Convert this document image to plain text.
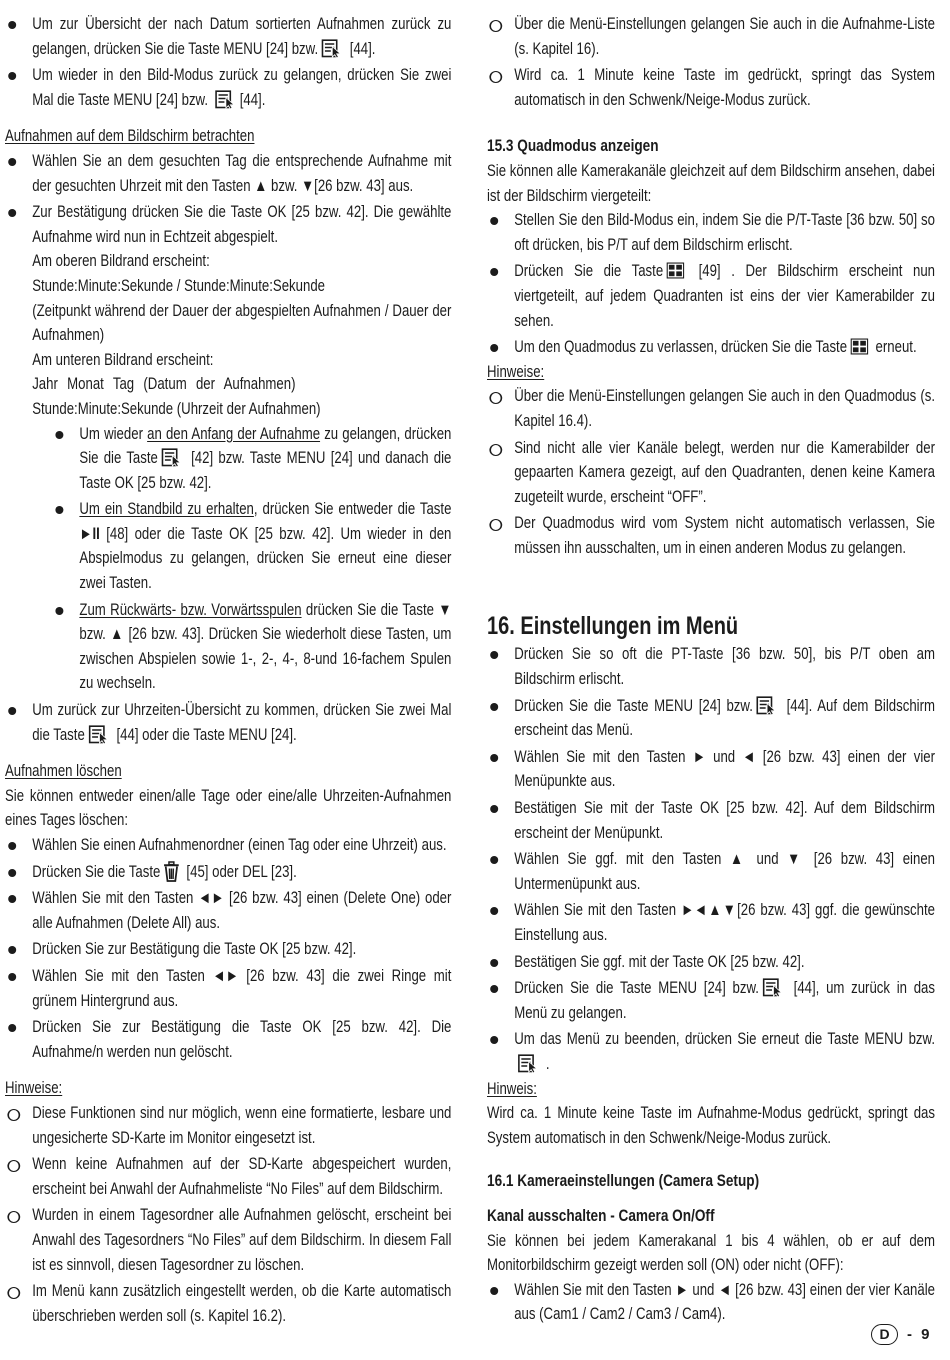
Um zur Übersicht der nach Datum sortierten Aufnahmen zurück zu gelangen, drücken Sie die Taste MENU [24] bzw. [44].
Um wieder in den Bild-Modus zurück zu gelangen, drücken Sie zwei Mal die Taste MENU [24] bzw. [44].

Aufnahmen auf dem Bildschirm betrachten

Wählen Sie an dem gesuchten Tag die entsprechende Aufnahme mit der gesuchten Uhrzeit mit den Tasten ▲ bzw. ▼[26 bzw. 43] aus.
Zur Bestätigung drücken Sie die Taste OK [25 bzw. 42]. Die gewählte Aufnahme wird nun in Echtzeit abgespielt.
Am oberen Bildrand erscheint:
Stunde:Minute:Sekunde / Stunde:Minute:Sekunde
(Zeitpunkt während der Dauer der abgespielten Aufnahmen / Dauer der Aufnahmen)
Am unteren Bildrand erscheint:
Jahr Monat Tag (Datum der Aufnahmen)
Stunde:Minute:Sekunde (Uhrzeit der Aufnahmen)
Um wieder an den Anfang der Aufnahme zu gelangen, drücken Sie die Taste [42] bzw. Taste MENU [24] und danach die Taste OK [25 bzw. 42].
Um ein Standbild zu erhalten, drücken Sie entweder die Taste ►II [48] oder die Taste OK [25 bzw. 42]. Um wieder in den Abspielmodus zu gelangen, drücken Sie erneut eine dieser zwei Tasten.
Zum Rückwärts- bzw. Vorwärtsspulen drücken Sie die Taste ▼ bzw. ▲ [26 bzw. 43]. Drücken Sie wiederholt diese Tasten, um zwischen Abspielen sowie 1-, 2-, 4-, 8-und 16-fachem Spulen zu wechseln.
Um zurück zur Uhrzeiten-Übersicht zu kommen, drücken Sie zwei Mal die Taste [44] oder die Taste MENU [24].

Aufnahmen löschen

Sie können entweder einen/alle Tage oder eine/alle Uhrzeiten-Aufnahmen eines Tages löschen:

Wählen Sie einen Aufnahmenordner (einen Tag oder eine Uhrzeit) aus.
Drücken Sie die Taste [45] oder DEL [23].
Wählen Sie mit den Tasten ◄► [26 bzw. 43] einen (Delete One) oder alle Aufnahmen (Delete All) aus.
Drücken Sie zur Bestätigung die Taste OK [25 bzw. 42].
Wählen Sie mit den Tasten ◄► [26 bzw. 43] die zwei Ringe mit grünem Hintergrund aus.
Drücken Sie zur Bestätigung die Taste OK [25 bzw. 42]. Die Aufnahme/n werden nun gelöscht.

Hinweise:

Diese Funktionen sind nur möglich, wenn eine formatierte, lesbare und ungesicherte SD-Karte im Monitor eingesetzt ist.
Wenn keine Aufnahmen auf der SD-Karte abgespeichert wurden, erscheint bei Anwahl der Aufnahmeliste “No Files” auf dem Bildschirm.
Wurden in einem Tagesordner alle Aufnahmen gelöscht, erscheint bei Anwahl des Tagesordners “No Files” auf dem Bildschirm. In diesem Fall ist es sinnvoll, diesen Tagesordner zu löschen.
Im Menü kann zusätzlich eingestellt werden, ob die Karte automatisch überschrieben werden soll (s. Kapitel 16.2).
Über die Menü-Einstellungen gelangen Sie auch in die Aufnahme-Liste (s. Kapitel 16).
Wird ca. 1 Minute keine Taste im gedrückt, springt das System automatisch in den Schwenk/Neige-Modus zurück.

15.3 Quadmodus anzeigen

Sie können alle Kamerakanäle gleichzeit auf dem Bildschirm ansehen, dabei ist der Bildschirm viergeteilt:

Stellen Sie den Bild-Modus ein, indem Sie die P/T-Taste [36 bzw. 50] so oft drücken, bis P/T auf dem Bildschirm erlischt.
Drücken Sie die Taste [49] . Der Bildschirm erscheint nun viertgeteilt, auf jedem Quadranten ist eins der vier Kamerabilder zu sehen.
Um den Quadmodus zu verlassen, drücken Sie die Taste erneut.

Hinweise:

Über die Menü-Einstellungen gelangen Sie auch in den Quadmodus (s. Kapitel 16.4).
Sind nicht alle vier Kanäle belegt, werden nur die Kamerabilder der gepaarten Kamera gezeigt, auf den Quadranten, denen keine Kamera zugeteilt wurde, erscheint “OFF”.
Der Quadmodus wird vom System nicht automatisch verlassen, Sie müssen ihn ausschalten, um in einen anderen Modus zu gelangen.

16. Einstellungen im Menü

Drücken Sie so oft die PT-Taste [36 bzw. 50], bis P/T oben am Bildschirm erlischt.
Drücken Sie die Taste MENU [24] bzw. [44]. Auf dem Bildschirm erscheint das Menü.
Wählen Sie mit den Tasten ► und ◄ [26 bzw. 43] einen der vier Menüpunkte aus.
Bestätigen Sie mit der Taste OK [25 bzw. 42]. Auf dem Bildschirm erscheint der Menüpunkt.
Wählen Sie ggf. mit den Tasten ▲ und ▼ [26 bzw. 43] einen Untermenüpunkt aus.
Wählen Sie mit den Tasten ►◄▲▼[26 bzw. 43] ggf. die gewünschte Einstellung aus.
Bestätigen Sie ggf. mit der Taste OK [25 bzw. 42].
Drücken Sie die Taste MENU [24] bzw. [44], um zurück in das Menü zu gelangen.
Um das Menü zu beenden, drücken Sie erneut die Taste MENU bzw. .

Hinweis:

Wird ca. 1 Minute keine Taste im Aufnahme-Modus gedrückt, springt das System automatisch in den Schwenk/Neige-Modus zurück.

16.1 Kameraeinstellungen (Camera Setup)

Kanal ausschalten - Camera On/Off

Sie können bei jedem Kamerakanal 1 bis 4 wählen, ob er auf dem Monitorbildschirm gezeigt werden soll (ON) oder nicht (OFF):

Wählen Sie mit den Tasten ► und ◄ [26 bzw. 43] einen der vier Kanäle aus (Cam1 / Cam2 / Cam3 / Cam4).
D	- 9
